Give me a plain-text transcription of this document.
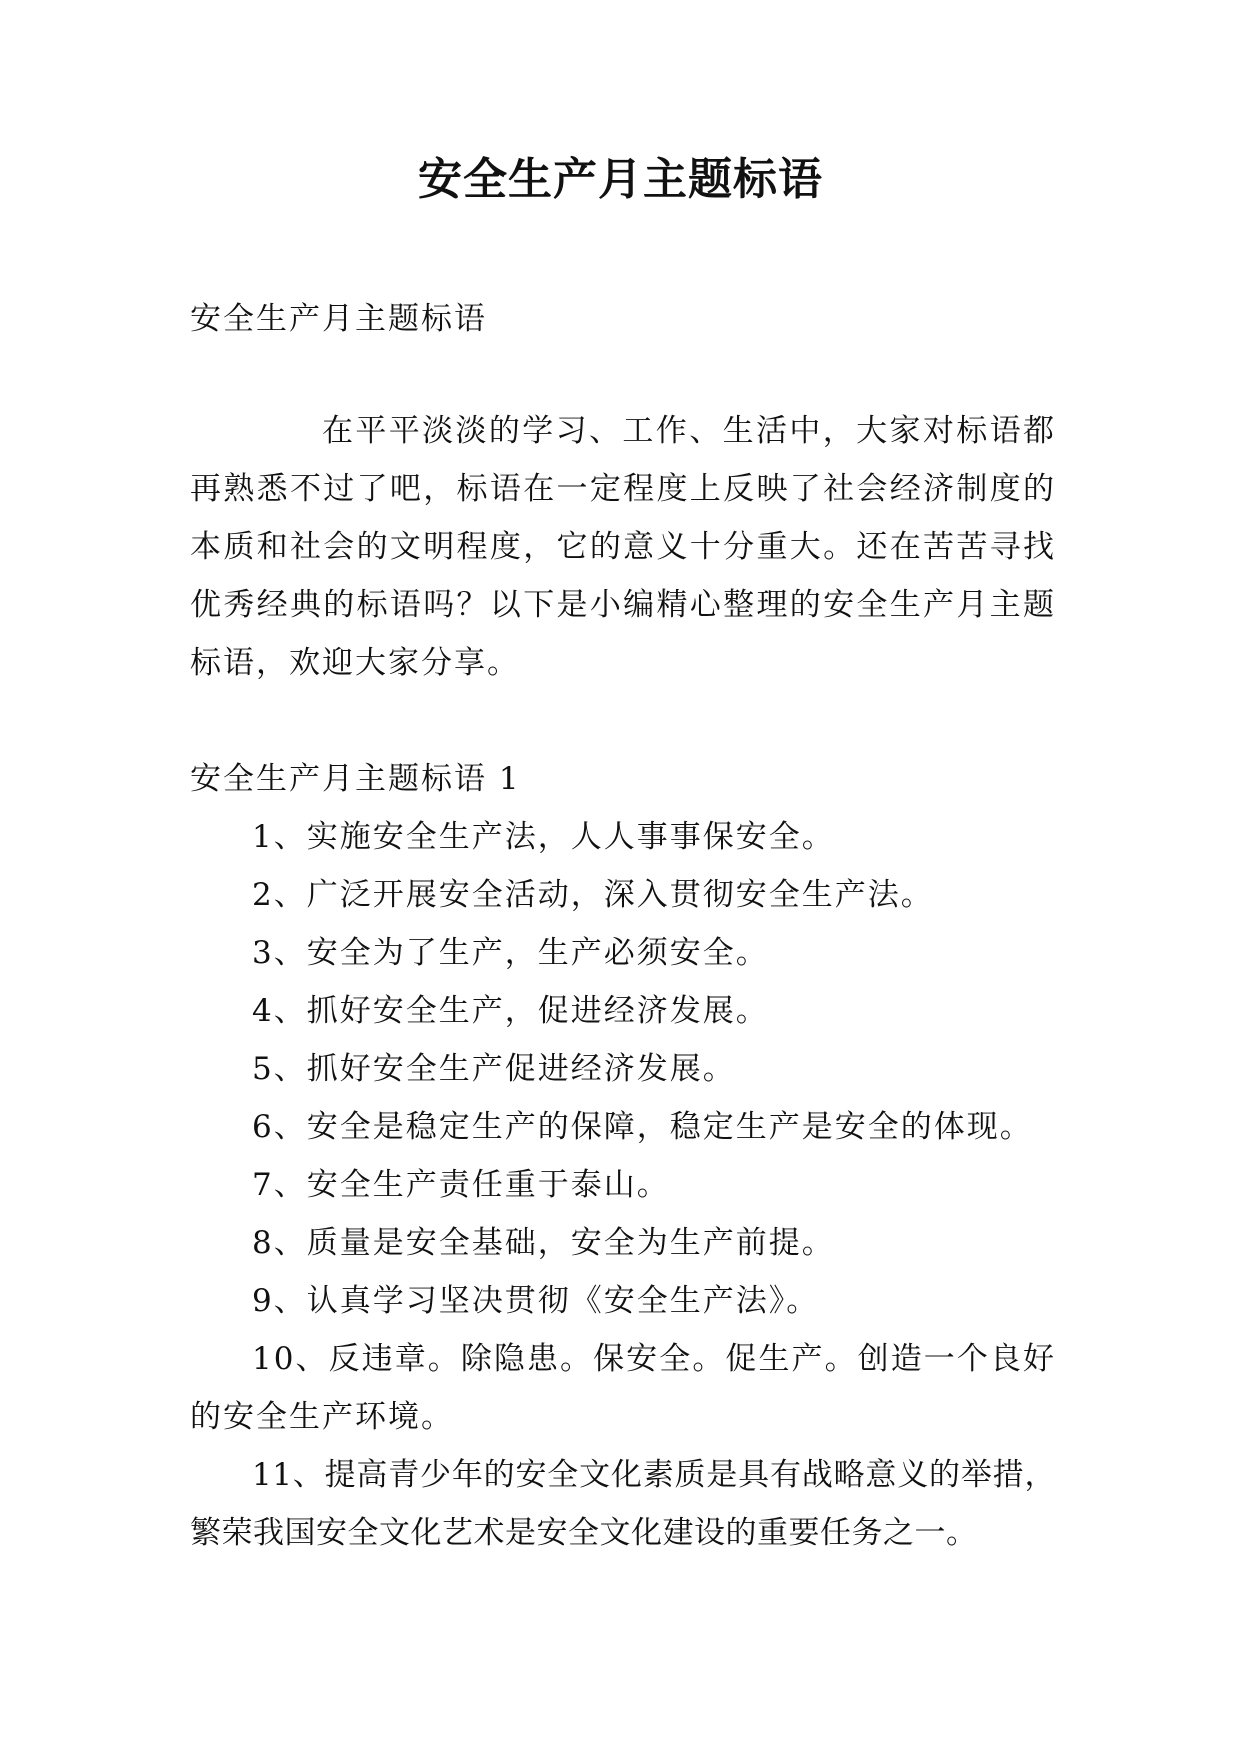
安全生产月主题标语

安全生产月主题标语

在平平淡淡的学习、工作、生活中，大家对标语都再熟悉不过了吧，标语在一定程度上反映了社会经济制度的本质和社会的文明程度，它的意义十分重大。还在苦苦寻找优秀经典的标语吗？以下是小编精心整理的安全生产月主题标语，欢迎大家分享。

安全生产月主题标语 1

1、实施安全生产法，人人事事保安全。
2、广泛开展安全活动，深入贯彻安全生产法。
3、安全为了生产，生产必须安全。
4、抓好安全生产，促进经济发展。
5、抓好安全生产促进经济发展。
6、安全是稳定生产的保障，稳定生产是安全的体现。
7、安全生产责任重于泰山。
8、质量是安全基础，安全为生产前提。
9、认真学习坚决贯彻《安全生产法》。
10、反违章。除隐患。保安全。促生产。创造一个良好的安全生产环境。
11、提高青少年的安全文化素质是具有战略意义的举措，繁荣我国安全文化艺术是安全文化建设的重要任务之一。
